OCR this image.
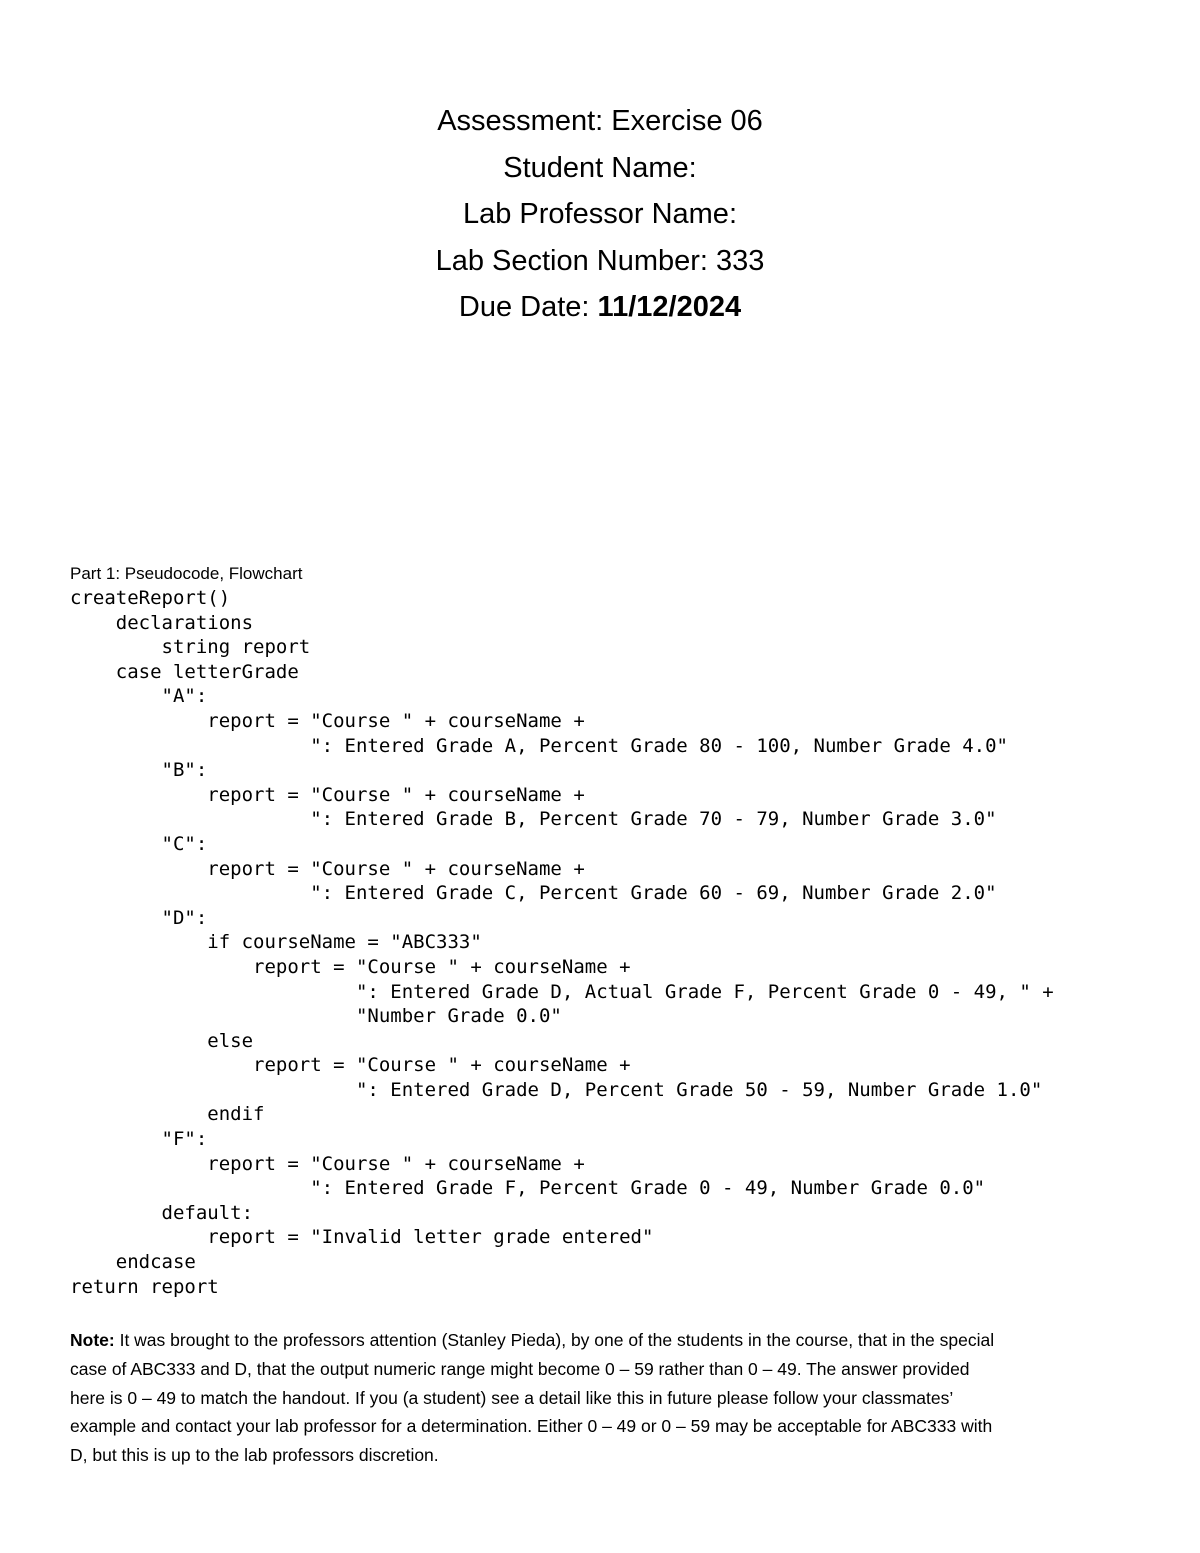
Assessment: Exercise 06
Student Name:
Lab Professor Name:
Lab Section Number: 333
Due Date: 11/12/2024
Part 1: Pseudocode, Flowchart
createReport()
declarations
string report
case letterGrade
"A":
report = "Course " + courseName +
": Entered Grade A, Percent Grade 80 - 100, Number Grade 4.0"
"B":
report = "Course " + courseName +
": Entered Grade B, Percent Grade 70 - 79, Number Grade 3.0"
"C":
report = "Course " + courseName +
": Entered Grade C, Percent Grade 60 - 69, Number Grade 2.0"
"D":
if courseName = "ABC333"
report = "Course " + courseName +
": Entered Grade D, Actual Grade F, Percent Grade 0 - 49, " +
"Number Grade 0.0"
else
report = "Course " + courseName +
": Entered Grade D, Percent Grade 50 - 59, Number Grade 1.0"
endif
"F":
report = "Course " + courseName +
": Entered Grade F, Percent Grade 0 - 49, Number Grade 0.0"
default:
report = "Invalid letter grade entered"
endcase
return report
Note: It was brought to the professors attention (Stanley Pieda), by one of the students in the course, that in the special
case of ABC333 and D, that the output numeric range might become 0 – 59 rather than 0 – 49. The answer provided
here is 0 – 49 to match the handout. If you (a student) see a detail like this in future please follow your classmates’
example and contact your lab professor for a determination. Either 0 – 49 or 0 – 59 may be acceptable for ABC333 with
D, but this is up to the lab professors discretion.
